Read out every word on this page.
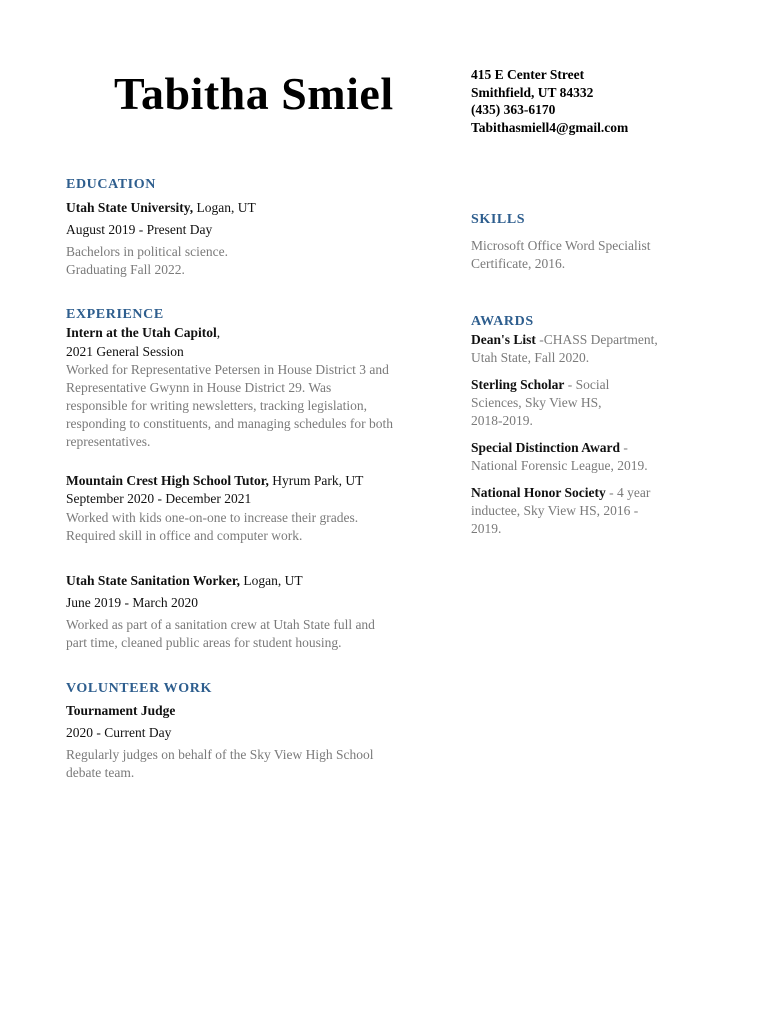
Tabitha Smiel	415 E Center Street
Smithfield, UT 84332
(435) 363-6170
Tabithasmiell4@gmail.com
EDUCATION
Utah State University, Logan, UT
August 2019 - Present Day
Bachelors in political science.
Graduating Fall 2022.
EXPERIENCE
Intern at the Utah Capitol,
2021 General Session
Worked for Representative Petersen in House District 3 and
Representative Gwynn in House District 29. Was
responsible for writing newsletters, tracking legislation,
responding to constituents, and managing schedules for both
representatives.
Mountain Crest High School Tutor, Hyrum Park, UT
September 2020 - December 2021
Worked with kids one-on-one to increase their grades.
Required skill in office and computer work.
Utah State Sanitation Worker, Logan, UT
June 2019 - March 2020
Worked as part of a sanitation crew at Utah State full and
part time, cleaned public areas for student housing.
VOLUNTEER WORK
Tournament Judge
2020 - Current Day
Regularly judges on behalf of the Sky View High School
debate team.
SKILLS
Microsoft Office Word Specialist
Certificate, 2016.
AWARDS
Dean's List -CHASS Department,
Utah State, Fall 2020.
Sterling Scholar - Social
Sciences, Sky View HS,
2018-2019.
Special Distinction Award -
National Forensic League, 2019.
National Honor Society - 4 year
inductee, Sky View HS, 2016 -
2019.
